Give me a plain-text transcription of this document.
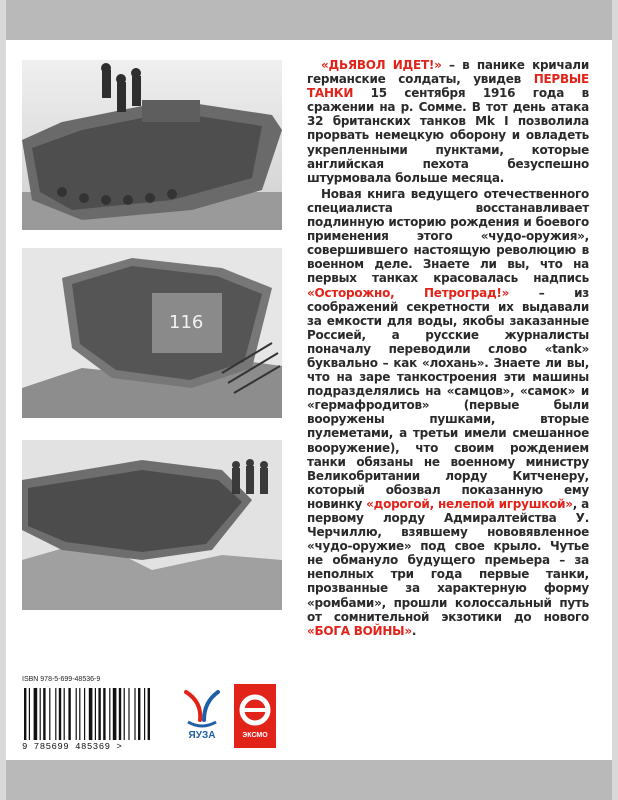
116

«ДЬЯВОЛ ИДЕТ!» – в панике кричали германские солдаты, увидев ПЕРВЫЕ ТАНКИ 15 сентября 1916 года в сражении на р. Сомме. В тот день атака 32 британских танков Mk I позволила прорвать немецкую оборону и овладеть укрепленными пунктами, которые английская пехота безуспешно штурмовала больше месяца.

Новая книга ведущего отечественного специалиста восстанавливает подлинную историю рождения и боевого применения этого «чудо-оружия», совершившего настоящую революцию в военном деле. Знаете ли вы, что на первых танках красовалась надпись «Осторожно, Петроград!» – из соображений секретности их выдавали за емкости для воды, якобы заказанные Россией, а русские журналисты поначалу переводили слово «tank» буквально – как «лохань». Знаете ли вы, что на заре танкостроения эти машины подразделялись на «самцов», «самок» и «гермафродитов» (первые были вооружены пушками, вторые пулеметами, а третьи имели смешанное вооружение), что своим рождением танки обязаны не военному министру Великобритании лорду Китченеру, который обозвал показанную ему новинку «дорогой, нелепой игрушкой», а первому лорду Адмиралтейства У. Черчиллю, взявшему нововявленное «чудо-оружие» под свое крыло. Чутье не обмануло будущего премьера – за неполных три года первые танки, прозванные за характерную форму «ромбами», прошли колоссальный путь от сомнительной экзотики до нового «БОГА ВОЙНЫ».

ISBN 978-5-699-48536-9
9 785699 485369 >
ЯУЗА	ЭКСМО
